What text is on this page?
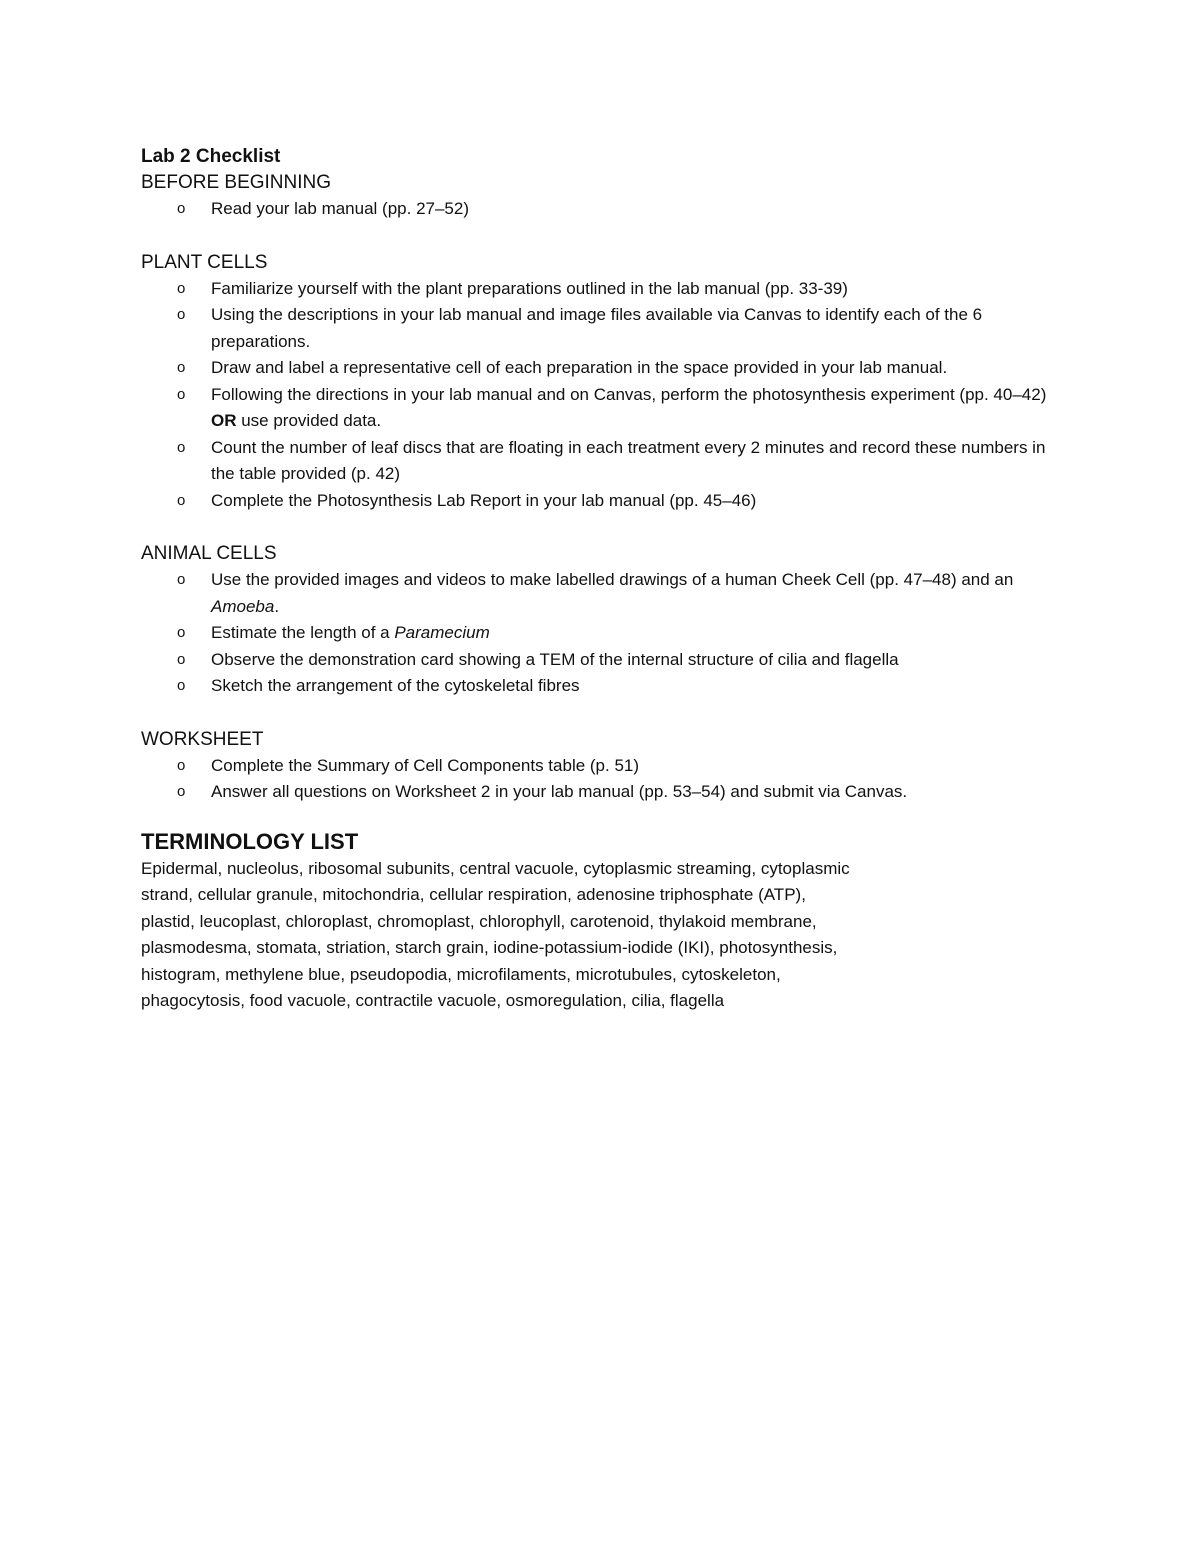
Lab 2 Checklist
BEFORE BEGINNING
o Read your lab manual (pp. 27–52)
PLANT CELLS
o Familiarize yourself with the plant preparations outlined in the lab manual (pp. 33-39)
o Using the descriptions in your lab manual and image files available via Canvas to identify each of the 6 preparations.
o Draw and label a representative cell of each preparation in the space provided in your lab manual.
o Following the directions in your lab manual and on Canvas, perform the photosynthesis experiment (pp. 40–42) OR use provided data.
o Count the number of leaf discs that are floating in each treatment every 2 minutes and record these numbers in the table provided (p. 42)
o Complete the Photosynthesis Lab Report in your lab manual (pp. 45–46)
ANIMAL CELLS
o Use the provided images and videos to make labelled drawings of a human Cheek Cell (pp. 47–48) and an Amoeba.
o Estimate the length of a Paramecium
o Observe the demonstration card showing a TEM of the internal structure of cilia and flagella
o Sketch the arrangement of the cytoskeletal fibres
WORKSHEET
o Complete the Summary of Cell Components table (p. 51)
o Answer all questions on Worksheet 2 in your lab manual (pp. 53–54) and submit via Canvas.
TERMINOLOGY LIST

Epidermal, nucleolus, ribosomal subunits, central vacuole, cytoplasmic streaming, cytoplasmic
strand, cellular granule, mitochondria, cellular respiration, adenosine triphosphate (ATP),
plastid, leucoplast, chloroplast, chromoplast, chlorophyll, carotenoid, thylakoid membrane,
plasmodesma, stomata, striation, starch grain, iodine-potassium-iodide (IKI), photosynthesis,
histogram, methylene blue, pseudopodia, microfilaments, microtubules, cytoskeleton,
phagocytosis, food vacuole, contractile vacuole, osmoregulation, cilia, flagella
